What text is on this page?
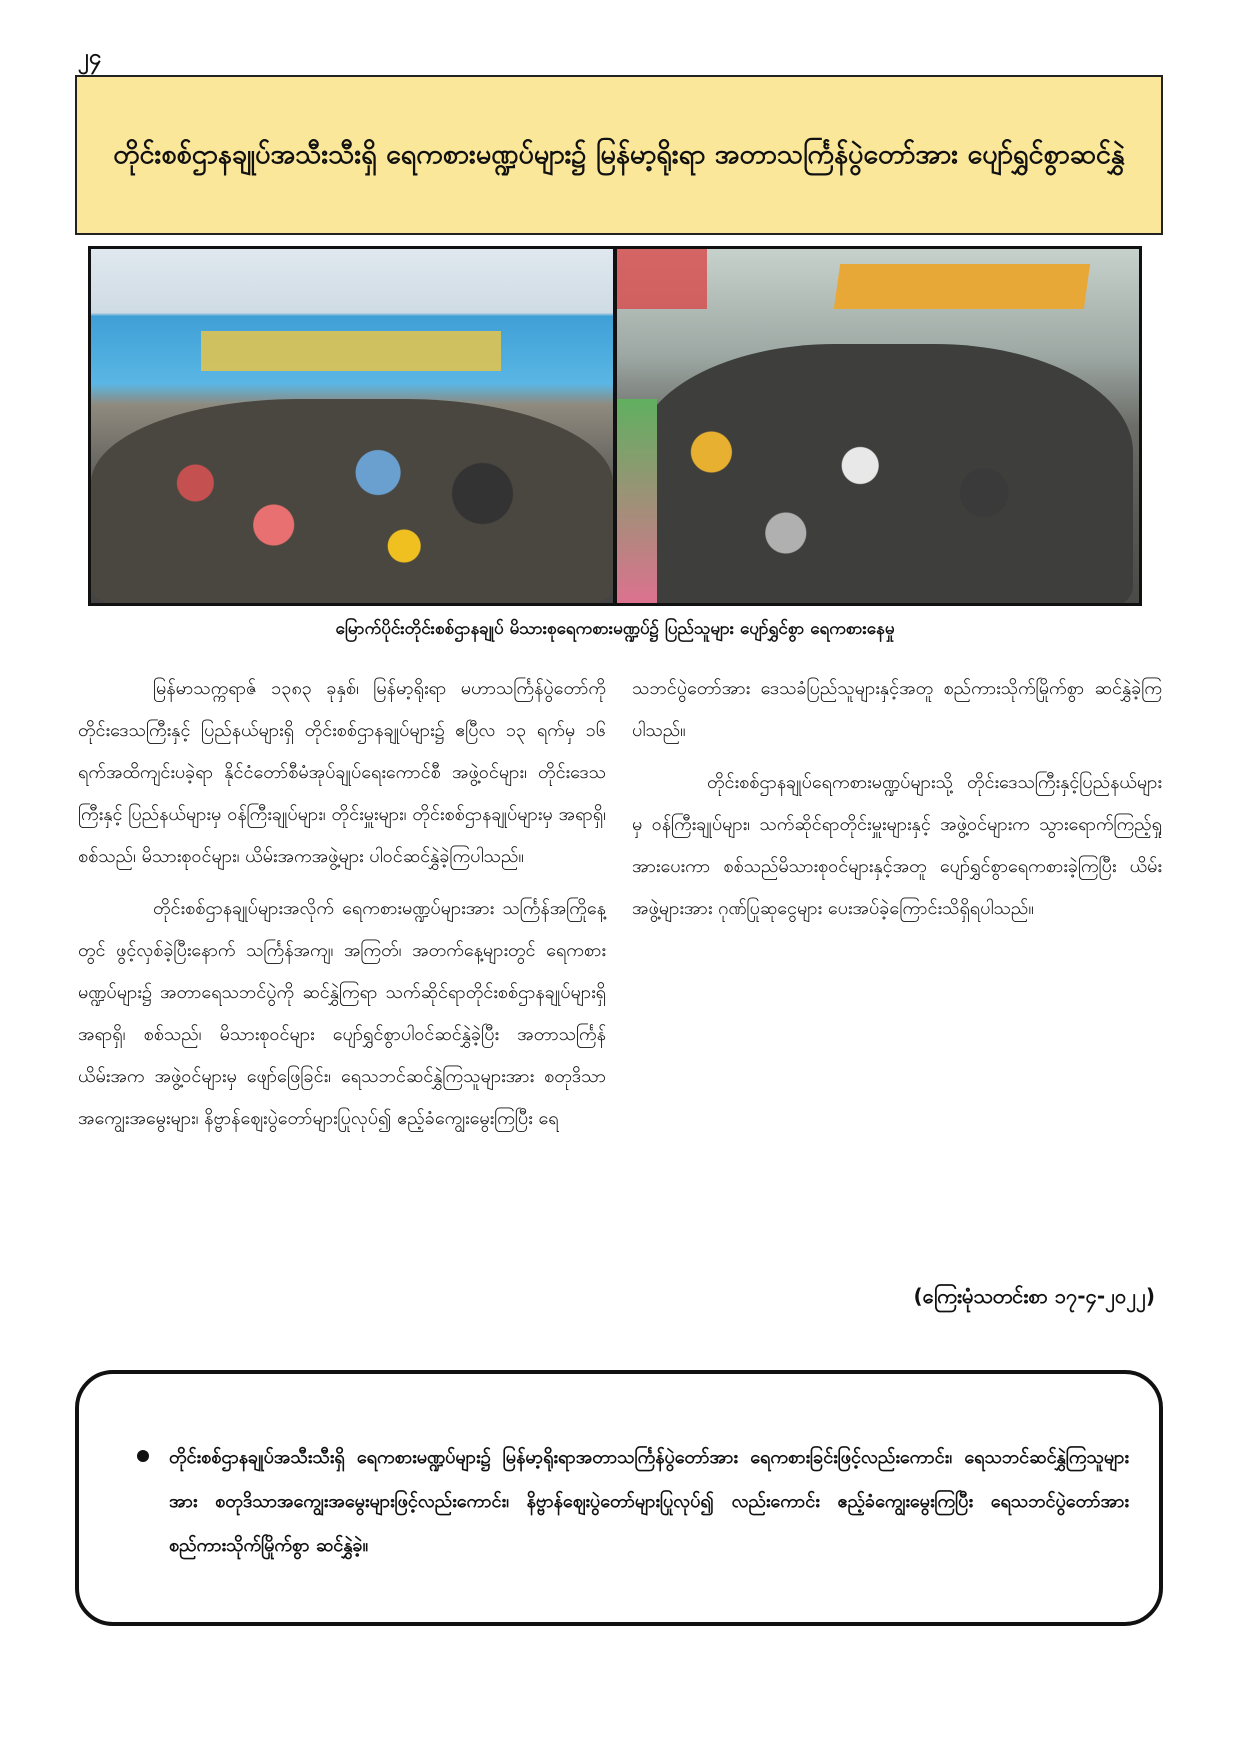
၂၄
တိုင်းစစ်ဌာနချုပ်အသီးသီးရှိ ရေကစားမဏ္ဍပ်များ၌ မြန်မာ့ရိုးရာ အတာသင်္ကြန်ပွဲတော်အား ပျော်ရွှင်စွာဆင်နွှဲ
မြောက်ပိုင်းတိုင်းစစ်ဌာနချုပ် မိသားစုရေကစားမဏ္ဍပ်၌ ပြည်သူများ ပျော်ရွှင်စွာ ရေကစားနေမှု

မြန်မာသက္ကရာဇ် ၁၃၈၃ ခုနှစ်၊ မြန်မာ့ရိုးရာ မဟာသင်္ကြန်ပွဲတော်ကို တိုင်းဒေသကြီးနှင့် ပြည်နယ်များရှိ တိုင်းစစ်ဌာနချုပ်များ၌ ဧပြီလ ၁၃ ရက်မှ ၁၆ ရက်အထိကျင်းပခဲ့ရာ နိုင်ငံတော်စီမံအုပ်ချုပ်ရေးကောင်စီ အဖွဲ့ဝင်များ၊ တိုင်းဒေသကြီးနှင့် ပြည်နယ်များမှ ဝန်ကြီးချုပ်များ၊ တိုင်းမှူးများ၊ တိုင်းစစ်ဌာနချုပ်များမှ အရာရှိ၊ စစ်သည်၊ မိသားစုဝင်များ၊ ယိမ်းအကအဖွဲ့များ ပါဝင်ဆင်နွှဲခဲ့ကြပါသည်။

တိုင်းစစ်ဌာနချုပ်များအလိုက် ရေကစားမဏ္ဍပ်များအား သင်္ကြန်အကြိုနေ့တွင် ဖွင့်လှစ်ခဲ့ပြီးနောက် သင်္ကြန်အကျ၊ အကြတ်၊ အတက်နေ့များတွင် ရေကစားမဏ္ဍပ်များ၌ အတာရေသဘင်ပွဲကို ဆင်နွှဲကြရာ သက်ဆိုင်ရာတိုင်းစစ်ဌာနချုပ်များရှိ အရာရှိ၊ စစ်သည်၊ မိသားစုဝင်များ ပျော်ရွှင်စွာပါဝင်ဆင်နွှဲခဲ့ပြီး အတာသင်္ကြန်ယိမ်းအက အဖွဲ့ဝင်များမှ ဖျော်ဖြေခြင်း၊ ရေသဘင်ဆင်နွှဲကြသူများအား စတုဒိသာအကျွေးအမွေးများ၊ နိဗ္ဗာန်ဈေးပွဲတော်များပြုလုပ်၍ ဧည့်ခံကျွေးမွေးကြပြီး ရေ

သဘင်ပွဲတော်အား ဒေသခံပြည်သူများနှင့်အတူ စည်ကားသိုက်မြိုက်စွာ ဆင်နွှဲခဲ့ကြပါသည်။

တိုင်းစစ်ဌာနချုပ်ရေကစားမဏ္ဍပ်များသို့ တိုင်းဒေသကြီးနှင့်ပြည်နယ်များမှ ဝန်ကြီးချုပ်များ၊ သက်ဆိုင်ရာတိုင်းမှူးများနှင့် အဖွဲ့ဝင်များက သွားရောက်ကြည့်ရှုအားပေးကာ စစ်သည်မိသားစုဝင်များနှင့်အတူ ပျော်ရွှင်စွာရေကစားခဲ့ကြပြီး ယိမ်းအဖွဲ့များအား ဂုဏ်ပြုဆုငွေများ ပေးအပ်ခဲ့ကြောင်းသိရှိရပါသည်။

(ကြေးမုံသတင်းစာ ၁၇-၄-၂၀၂၂)
တိုင်းစစ်ဌာနချုပ်အသီးသီးရှိ ရေကစားမဏ္ဍပ်များ၌ မြန်မာ့ရိုးရာအတာသင်္ကြန်ပွဲတော်အား ရေကစားခြင်းဖြင့်လည်းကောင်း၊ ရေသဘင်ဆင်နွှဲကြသူများအား စတုဒိသာအကျွေးအမွေးများဖြင့်လည်းကောင်း၊ နိဗ္ဗာန်ဈေးပွဲတော်များပြုလုပ်၍ လည်းကောင်း ဧည့်ခံကျွေးမွေးကြပြီး ရေသဘင်ပွဲတော်အား စည်ကားသိုက်မြိုက်စွာ ဆင်နွှဲခဲ့။
